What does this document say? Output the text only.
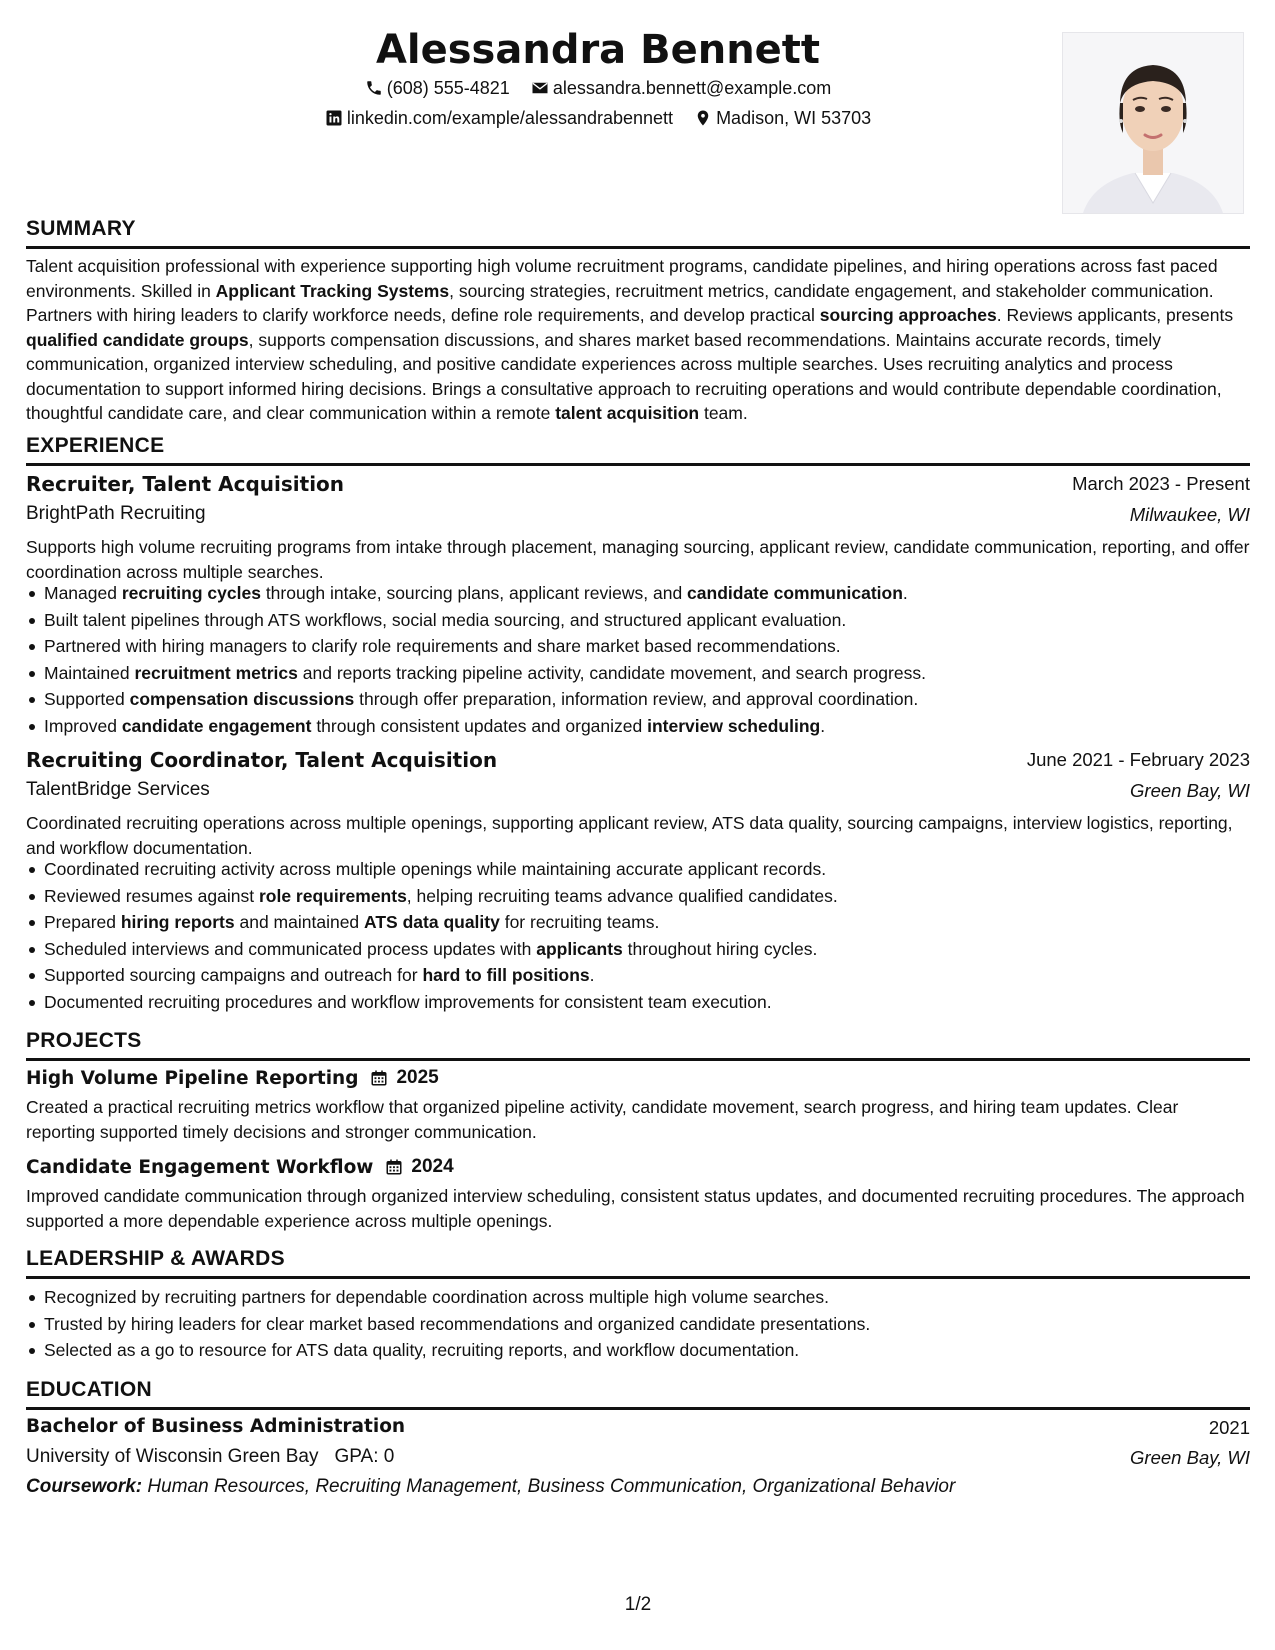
Alessandra Bennett
(608) 555-4821 alessandra.bennett@example.com
linkedin.com/example/alessandrabennett Madison, WI 53703
SUMMARY
Talent acquisition professional with experience supporting high volume recruitment programs, candidate pipelines, and hiring operations across fast paced environments. Skilled in Applicant Tracking Systems, sourcing strategies, recruitment metrics, candidate engagement, and stakeholder communication. Partners with hiring leaders to clarify workforce needs, define role requirements, and develop practical sourcing approaches. Reviews applicants, presents qualified candidate groups, supports compensation discussions, and shares market based recommendations. Maintains accurate records, timely communication, organized interview scheduling, and positive candidate experiences across multiple searches. Uses recruiting analytics and process documentation to support informed hiring decisions. Brings a consultative approach to recruiting operations and would contribute dependable coordination, thoughtful candidate care, and clear communication within a remote talent acquisition team.
EXPERIENCE
Recruiter, Talent Acquisition	March 2023 - Present
BrightPath Recruiting	Milwaukee, WI
Supports high volume recruiting programs from intake through placement, managing sourcing, applicant review, candidate communication, reporting, and offer coordination across multiple searches.
Managed recruiting cycles through intake, sourcing plans, applicant reviews, and candidate communication.
Built talent pipelines through ATS workflows, social media sourcing, and structured applicant evaluation.
Partnered with hiring managers to clarify role requirements and share market based recommendations.
Maintained recruitment metrics and reports tracking pipeline activity, candidate movement, and search progress.
Supported compensation discussions through offer preparation, information review, and approval coordination.
Improved candidate engagement through consistent updates and organized interview scheduling.
Recruiting Coordinator, Talent Acquisition	June 2021 - February 2023
TalentBridge Services	Green Bay, WI
Coordinated recruiting operations across multiple openings, supporting applicant review, ATS data quality, sourcing campaigns, interview logistics, reporting, and workflow documentation.
Coordinated recruiting activity across multiple openings while maintaining accurate applicant records.
Reviewed resumes against role requirements, helping recruiting teams advance qualified candidates.
Prepared hiring reports and maintained ATS data quality for recruiting teams.
Scheduled interviews and communicated process updates with applicants throughout hiring cycles.
Supported sourcing campaigns and outreach for hard to fill positions.
Documented recruiting procedures and workflow improvements for consistent team execution.
PROJECTS
High Volume Pipeline Reporting 2025
Created a practical recruiting metrics workflow that organized pipeline activity, candidate movement, search progress, and hiring team updates. Clear reporting supported timely decisions and stronger communication.
Candidate Engagement Workflow 2024
Improved candidate communication through organized interview scheduling, consistent status updates, and documented recruiting procedures. The approach supported a more dependable experience across multiple openings.
LEADERSHIP & AWARDS
Recognized by recruiting partners for dependable coordination across multiple high volume searches.
Trusted by hiring leaders for clear market based recommendations and organized candidate presentations.
Selected as a go to resource for ATS data quality, recruiting reports, and workflow documentation.
EDUCATION
Bachelor of Business Administration	2021
University of Wisconsin Green Bay GPA: 0	Green Bay, WI
Coursework: Human Resources, Recruiting Management, Business Communication, Organizational Behavior
1/2
